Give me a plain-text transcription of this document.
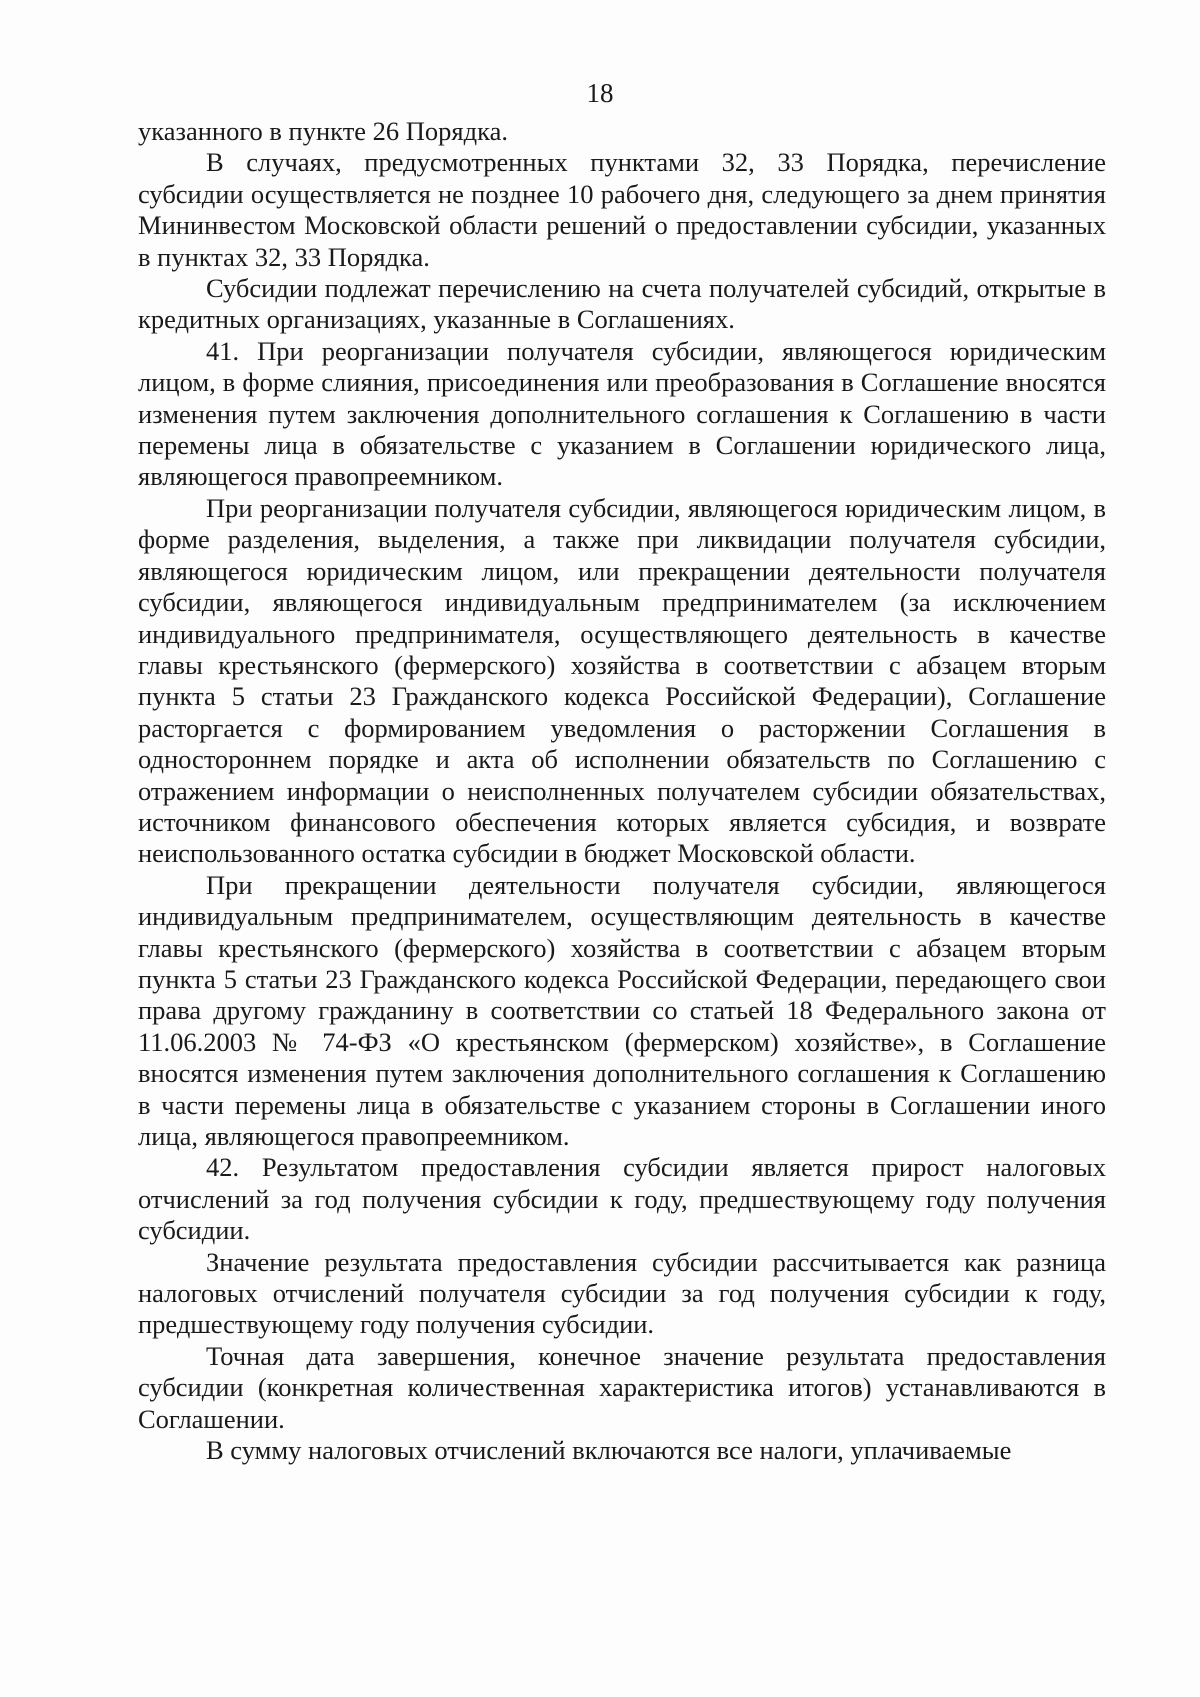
18

указанного в пункте 26 Порядка.

В случаях, предусмотренных пунктами 32, 33 Порядка, перечисление субсидии осуществляется не позднее 10 рабочего дня, следующего за днем принятия Мининвестом Московской области решений о предоставлении субсидии, указанных в пунктах 32, 33 Порядка.

Субсидии подлежат перечислению на счета получателей субсидий, открытые в кредитных организациях, указанные в Соглашениях.

41. При реорганизации получателя субсидии, являющегося юридическим лицом, в форме слияния, присоединения или преобразования в Соглашение вносятся изменения путем заключения дополнительного соглашения к Соглашению в части перемены лица в обязательстве с указанием в Соглашении юридического лица, являющегося правопреемником.

При реорганизации получателя субсидии, являющегося юридическим лицом, в форме разделения, выделения, а также при ликвидации получателя субсидии, являющегося юридическим лицом, или прекращении деятельности получателя субсидии, являющегося индивидуальным предпринимателем (за исключением индивидуального предпринимателя, осуществляющего деятельность в качестве главы крестьянского (фермерского) хозяйства в соответствии с абзацем вторым пункта 5 статьи 23 Гражданского кодекса Российской Федерации), Соглашение расторгается с формированием уведомления о расторжении Соглашения в одностороннем порядке и акта об исполнении обязательств по Соглашению с отражением информации о неисполненных получателем субсидии обязательствах, источником финансового обеспечения которых является субсидия, и возврате неиспользованного остатка субсидии в бюджет Московской области.

При прекращении деятельности получателя субсидии, являющегося индивидуальным предпринимателем, осуществляющим деятельность в качестве главы крестьянского (фермерского) хозяйства в соответствии с абзацем вторым пункта 5 статьи 23 Гражданского кодекса Российской Федерации, передающего свои права другому гражданину в соответствии со статьей 18 Федерального закона от 11.06.2003 № 74-ФЗ «О крестьянском (фермерском) хозяйстве», в Соглашение вносятся изменения путем заключения дополнительного соглашения к Соглашению в части перемены лица в обязательстве с указанием стороны в Соглашении иного лица, являющегося правопреемником.

42. Результатом предоставления субсидии является прирост налоговых отчислений за год получения субсидии к году, предшествующему году получения субсидии.

Значение результата предоставления субсидии рассчитывается как разница налоговых отчислений получателя субсидии за год получения субсидии к году, предшествующему году получения субсидии.

Точная дата завершения, конечное значение результата предоставления субсидии (конкретная количественная характеристика итогов) устанавливаются в Соглашении.

В сумму налоговых отчислений включаются все налоги, уплачиваемые
